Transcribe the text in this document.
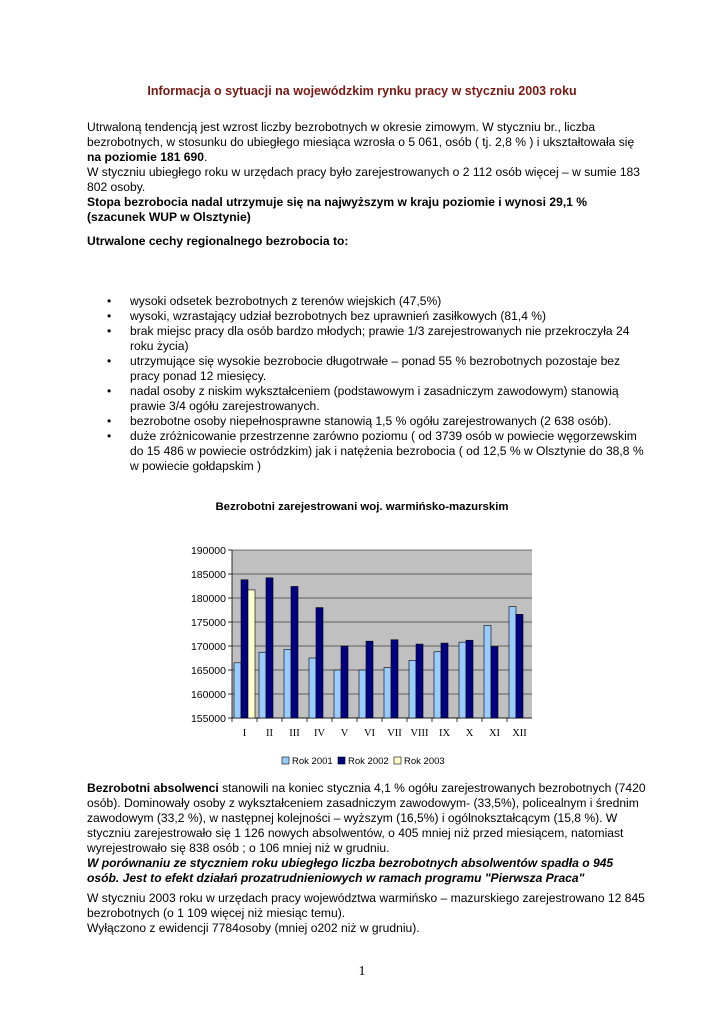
Informacja o sytuacji na wojewódzkim rynku pracy w styczniu 2003 roku
Utrwaloną tendencją jest wzrost liczby bezrobotnych w okresie zimowym. W styczniu br., liczba bezrobotnych, w stosunku do ubiegłego miesiąca wzrosła o 5 061, osób ( tj. 2,8 % ) i ukształtowała się na poziomie 181 690.
W styczniu ubiegłego roku w urzędach pracy było zarejestrowanych o 2 112 osób więcej – w sumie 183 802 osoby.
Stopa bezrobocia nadal utrzymuje się na najwyższym w kraju poziomie i wynosi 29,1 % (szacunek WUP w Olsztynie)
Utrwalone cechy regionalnego bezrobocia to:
• wysoki odsetek bezrobotnych z terenów wiejskich (47,5%)
• wysoki, wzrastający udział bezrobotnych bez uprawnień zasiłkowych (81,4 %)
• brak miejsc pracy dla osób bardzo młodych; prawie 1/3 zarejestrowanych nie przekroczyła 24 roku życia)
• utrzymujące się wysokie bezrobocie długotrwałe – ponad 55 % bezrobotnych pozostaje bez pracy ponad 12 miesięcy.
• nadal osoby z niskim wykształceniem (podstawowym i zasadniczym zawodowym) stanowią prawie 3/4 ogółu zarejestrowanych.
• bezrobotne osoby niepełnosprawne stanowią 1,5 % ogółu zarejestrowanych (2 638 osób).
• duże zróżnicowanie przestrzenne zarówno poziomu ( od 3739 osób w powiecie węgorzewskim do 15 486 w powiecie ostródzkim) jak i natężenia bezrobocia ( od 12,5 % w Olsztynie do 38,8 % w powiecie gołdapskim )
Bezrobotni zarejestrowani woj. warmińsko-mazurskim
155000
160000
165000
170000
175000
180000
185000
190000
I II III IV V VI VII VIII IX X XI XII
Rok 2001 Rok 2002 Rok 2003
Bezrobotni absolwenci stanowili na koniec stycznia 4,1 % ogółu zarejestrowanych bezrobotnych (7420 osób). Dominowały osoby z wykształceniem zasadniczym zawodowym- (33,5%), policealnym i średnim zawodowym (33,2 %), w następnej kolejności – wyższym (16,5%) i ogólnokształcącym (15,8 %). W styczniu zarejestrowało się 1 126 nowych absolwentów, o 405 mniej niż przed miesiącem, natomiast wyrejestrowało się 838 osób ; o 106 mniej niż w grudniu.
W porównaniu ze styczniem roku ubiegłego liczba bezrobotnych absolwentów spadła o 945 osób. Jest to efekt działań prozatrudnieniowych w ramach programu "Pierwsza Praca"
W styczniu 2003 roku w urzędach pracy województwa warmińsko – mazurskiego zarejestrowano 12 845 bezrobotnych (o 1 109 więcej niż miesiąc temu).
Wyłączono z ewidencji 7784osoby (mniej o202 niż w grudniu).
1
